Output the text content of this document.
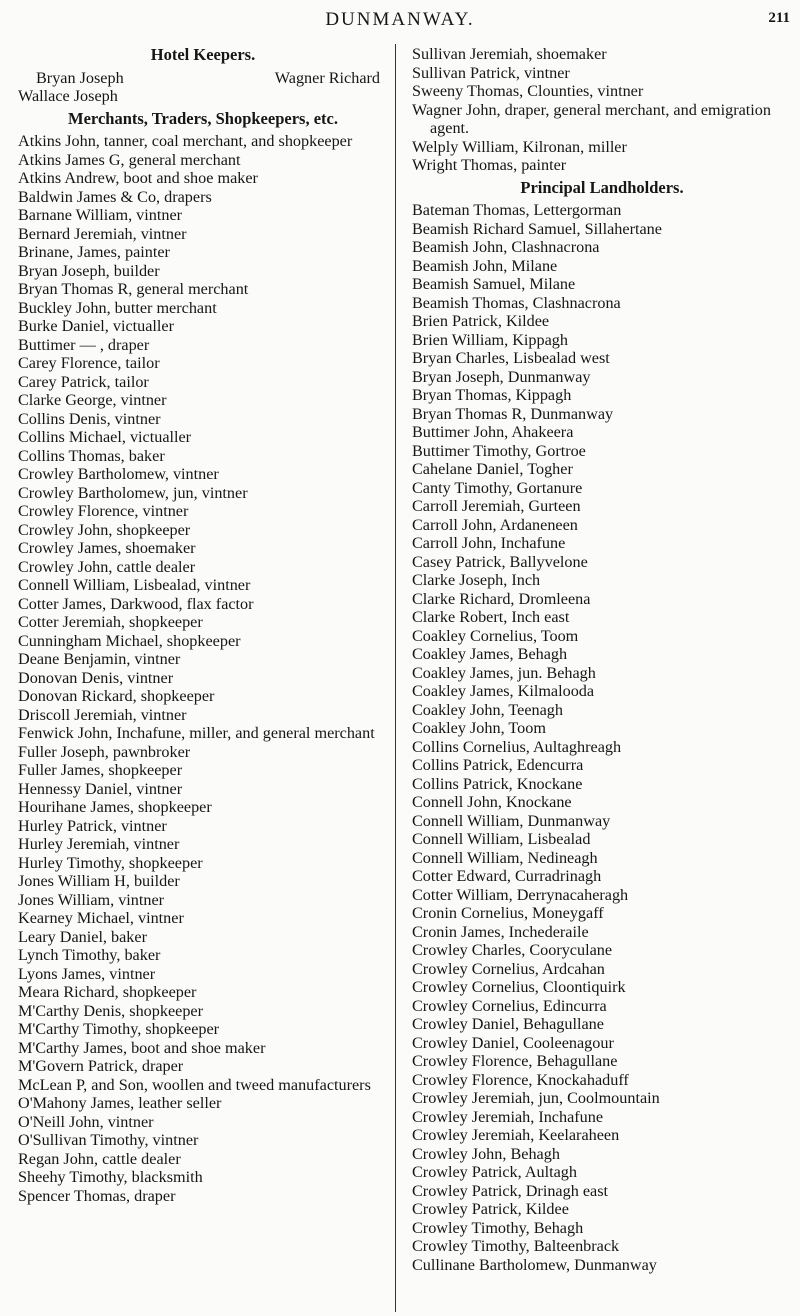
DUNMANWAY.	211
Hotel Keepers.
Bryan Joseph	Wagner Richard
Wallace Joseph
Merchants, Traders, Shopkeepers, etc.
Atkins John, tanner, coal merchant, and shopkeeper
Atkins James G, general merchant
Atkins Andrew, boot and shoe maker
Baldwin James & Co, drapers
Barnane William, vintner
Bernard Jeremiah, vintner
Brinane, James, painter
Bryan Joseph, builder
Bryan Thomas R, general merchant
Buckley John, butter merchant
Burke Daniel, victualler
Buttimer — , draper
Carey Florence, tailor
Carey Patrick, tailor
Clarke George, vintner
Collins Denis, vintner
Collins Michael, victualler
Collins Thomas, baker
Crowley Bartholomew, vintner
Crowley Bartholomew, jun, vintner
Crowley Florence, vintner
Crowley John, shopkeeper
Crowley James, shoemaker
Crowley John, cattle dealer
Connell William, Lisbealad, vintner
Cotter James, Darkwood, flax factor
Cotter Jeremiah, shopkeeper
Cunningham Michael, shopkeeper
Deane Benjamin, vintner
Donovan Denis, vintner
Donovan Rickard, shopkeeper
Driscoll Jeremiah, vintner
Fenwick John, Inchafune, miller, and general merchant
Fuller Joseph, pawnbroker
Fuller James, shopkeeper
Hennessy Daniel, vintner
Hourihane James, shopkeeper
Hurley Patrick, vintner
Hurley Jeremiah, vintner
Hurley Timothy, shopkeeper
Jones William H, builder
Jones William, vintner
Kearney Michael, vintner
Leary Daniel, baker
Lynch Timothy, baker
Lyons James, vintner
Meara Richard, shopkeeper
M'Carthy Denis, shopkeeper
M'Carthy Timothy, shopkeeper
M'Carthy James, boot and shoe maker
M'Govern Patrick, draper
McLean P, and Son, woollen and tweed manufacturers
O'Mahony James, leather seller
O'Neill John, vintner
O'Sullivan Timothy, vintner
Regan John, cattle dealer
Sheehy Timothy, blacksmith
Spencer Thomas, draper
Sullivan Jeremiah, shoemaker
Sullivan Patrick, vintner
Sweeny Thomas, Clounties, vintner
Wagner John, draper, general merchant, and emigration agent.
Welply William, Kilronan, miller
Wright Thomas, painter
Principal Landholders.
Bateman Thomas, Lettergorman
Beamish Richard Samuel, Sillahertane
Beamish John, Clashnacrona
Beamish John, Milane
Beamish Samuel, Milane
Beamish Thomas, Clashnacrona
Brien Patrick, Kildee
Brien William, Kippagh
Bryan Charles, Lisbealad west
Bryan Joseph, Dunmanway
Bryan Thomas, Kippagh
Bryan Thomas R, Dunmanway
Buttimer John, Ahakeera
Buttimer Timothy, Gortroe
Cahelane Daniel, Togher
Canty Timothy, Gortanure
Carroll Jeremiah, Gurteen
Carroll John, Ardaneneen
Carroll John, Inchafune
Casey Patrick, Ballyvelone
Clarke Joseph, Inch
Clarke Richard, Dromleena
Clarke Robert, Inch east
Coakley Cornelius, Toom
Coakley James, Behagh
Coakley James, jun. Behagh
Coakley James, Kilmalooda
Coakley John, Teenagh
Coakley John, Toom
Collins Cornelius, Aultaghreagh
Collins Patrick, Edencurra
Collins Patrick, Knockane
Connell John, Knockane
Connell William, Dunmanway
Connell William, Lisbealad
Connell William, Nedineagh
Cotter Edward, Curradrinagh
Cotter William, Derrynacaheragh
Cronin Cornelius, Moneygaff
Cronin James, Inchederaile
Crowley Charles, Cooryculane
Crowley Cornelius, Ardcahan
Crowley Cornelius, Cloontiquirk
Crowley Cornelius, Edincurra
Crowley Daniel, Behagullane
Crowley Daniel, Cooleenagour
Crowley Florence, Behagullane
Crowley Florence, Knockahaduff
Crowley Jeremiah, jun, Coolmountain
Crowley Jeremiah, Inchafune
Crowley Jeremiah, Keelaraheen
Crowley John, Behagh
Crowley Patrick, Aultagh
Crowley Patrick, Drinagh east
Crowley Patrick, Kildee
Crowley Timothy, Behagh
Crowley Timothy, Balteenbrack
Cullinane Bartholomew, Dunmanway
